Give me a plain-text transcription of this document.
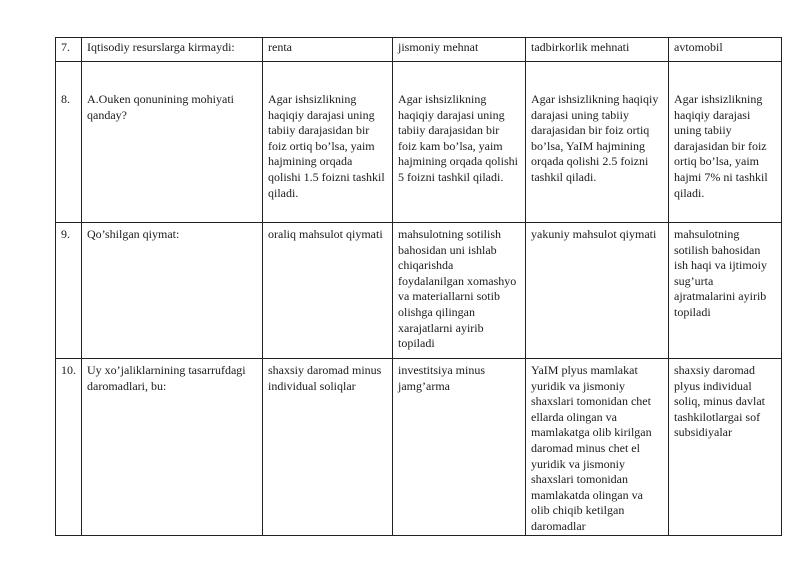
7.	Iqtisodiy resurslarga kirmaydi:	renta	jismoniy mehnat	tadbirkorlik mehnati	avtomobil
8.	A.Ouken qonunining mohiyati qanday?	Agar ishsizlikning haqiqiy darajasi uning tabiiy darajasidan bir foiz ortiq bo’lsa, yaim hajmining orqada qolishi 1.5 foizni tashkil qiladi.	Agar ishsizlikning haqiqiy darajasi uning tabiiy darajasidan bir foiz kam bo’lsa, yaim hajmining orqada qolishi 5 foizni tashkil qiladi.	Agar ishsizlikning haqiqiy darajasi uning tabiiy darajasidan bir foiz ortiq bo’lsa, YaIM hajmining orqada qolishi 2.5 foizni tashkil qiladi.	Agar ishsizlikning haqiqiy darajasi uning tabiiy darajasidan bir foiz ortiq bo’lsa, yaim hajmi 7% ni tashkil qiladi.

9.	Qo’shilgan qiymat:	oraliq mahsulot qiymati	mahsulotning sotilish bahosidan uni ishlab chiqarishda foydalanilgan xomashyo va materiallarni sotib olishga qilingan xarajatlarni ayirib topiladi	yakuniy mahsulot qiymati	mahsulotning sotilish bahosidan ish haqi va ijtimoiy sug’urta ajratmalarini ayirib topiladi

10.	Uy xo’jaliklarnining tasarrufdagi daromadlari, bu:	shaxsiy daromad minus individual soliqlar	investitsiya minus jamg’arma	YaIM plyus mamlakat yuridik va jismoniy shaxslari tomonidan chet ellarda olingan va mamlakatga olib kirilgan daromad minus chet el yuridik va jismoniy shaxslari tomonidan mamlakatda olingan va olib chiqib ketilgan daromadlar	shaxsiy daromad plyus individual soliq, minus davlat tashkilotlargai sof subsidiyalar
